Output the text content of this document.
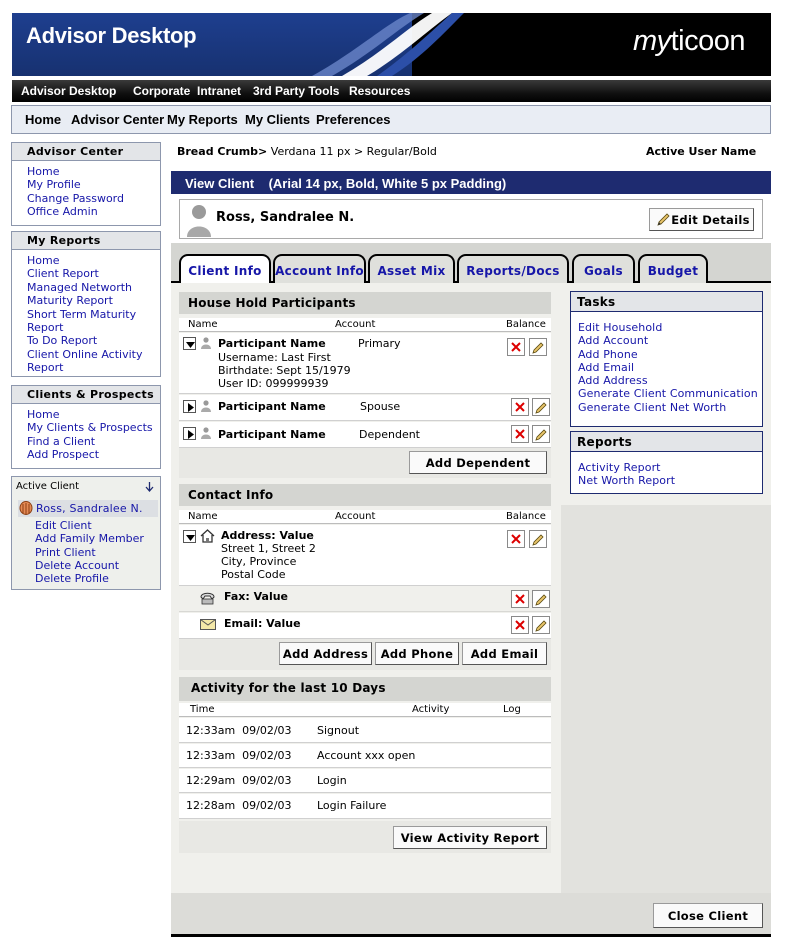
Advisor Desktop	myticoon
Advisor Desktop Corporate  Intranet 3rd Party Tools Resources
Home Advisor Center My Reports My Clients Preferences
Advisor Center
Home
My Profile
Change Password
Office Admin
My Reports
Home
Client Report
Managed Networth
Maturity Report
Short Term Maturity
Report
To Do Report
Client Online Activity
Report
Clients & Prospects
Home
My Clients & Prospects
Find a Client
Add Prospect
Active Client
Ross, Sandralee N.
Edit Client
Add Family Member
Print Client
Delete Account
Delete Profile
Bread Crumb> Verdana 11 px > Regular/Bold	Active User Name
View Client (Arial 14 px, Bold, White 5 px Padding)
Ross, Sandralee N.	Edit Details
Client Info	Account Info	Asset Mix	Reports/Docs	Goals	Budget
House Hold Participants
Name	Account	Balance
Participant Name	Primary
Username: Last First
Birthdate: Sept 15/1979
User ID: 099999939
Participant Name	Spouse
Participant Name	Dependent
Add Dependent
Contact Info
Name	Account	Balance
Address: Value
Street 1, Street 2
City, Province
Postal Code
Fax: Value
Email: Value
Add Address	Add Phone	Add Email
Activity for the last 10 Days
Time	Activity	Log
12:33am  09/02/03 Signout
12:33am  09/02/03 Account xxx open
12:29am  09/02/03 Login
12:28am  09/02/03 Login Failure
View Activity Report
Tasks
Edit Household
Add Account
Add Phone
Add Email
Add Address
Generate Client Communication
Generate Client Net Worth
Reports
Activity Report
Net Worth Report
Close Client
